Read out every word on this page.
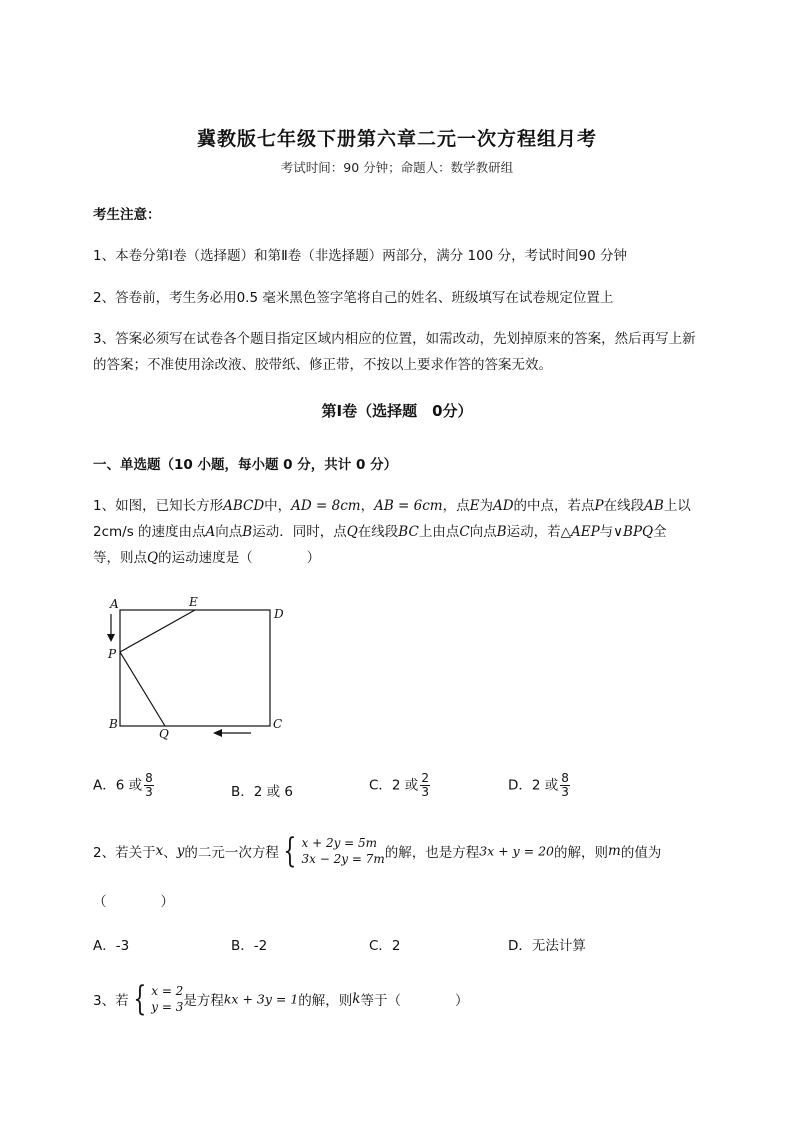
冀教版七年级下册第六章二元一次方程组月考
考试时间：90 分钟；命题人：数学教研组
考生注意：
1、本卷分第Ⅰ卷（选择题）和第Ⅱ卷（非选择题）两部分，满分 100 分，考试时间90 分钟
2、答卷前，考生务必用0.5 毫米黑色签字笔将自己的姓名、班级填写在试卷规定位置上
3、答案必须写在试卷各个题目指定区域内相应的位置，如需改动，先划掉原来的答案，然后再写上新
的答案；不准使用涂改液、胶带纸、修正带，不按以上要求作答的答案无效。
第Ⅰ卷（选择题　0分）
一、单选题（10 小题，每小题 0 分，共计 0 分）
1、如图，已知长方形ABCD中，AD = 8cm，AB = 6cm，点E为AD的中点，若点P在线段AB上以
2cm/s 的速度由点A向点B运动．同时，点Q在线段BC上由点C向点B运动，若△AEP与∨BPQ全
等，则点Q的运动速度是（　　　　）
A	E
D
P
B
Q
C
A．6 或 $\frac{8}{3}$	B．2 或 6	C．2 或 $\frac{2}{3}$	D．2 或 $\frac{8}{3}$
2、若关于x、y的二元一次方程 { x + 2y = 5m
3x − 2y = 7m 的解，也是方程3x + y = 20的解，则m的值为
（　　　　）
A．-3	B．-2	C．2	D．无法计算
3、若 { x = 2
y = 3 是方程kx + 3y = 1的解，则k等于（　　　　）
